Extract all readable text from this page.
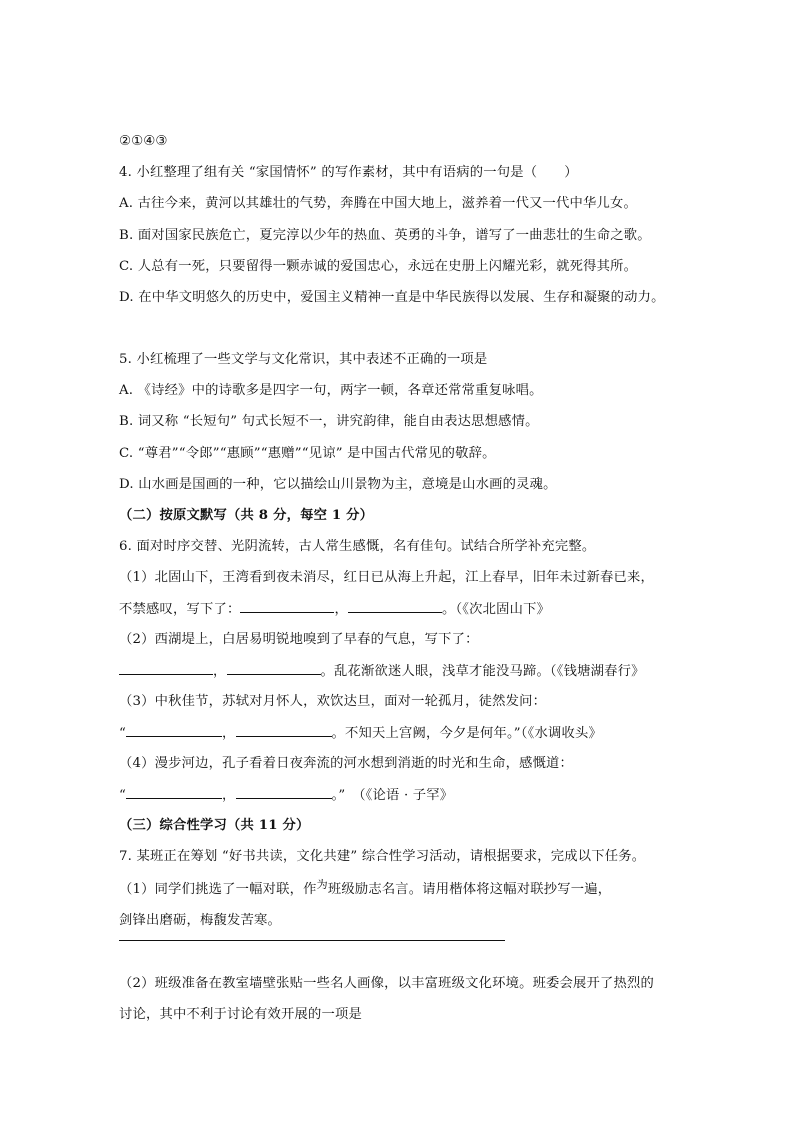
②①④③
4. 小红整理了组有关 “家国情怀” 的写作素材，其中有语病的一句是（　　）
A. 古往今来，黄河以其雄壮的气势，奔腾在中国大地上，滋养着一代又一代中华儿女。
B. 面对国家民族危亡，夏完淳以少年的热血、英勇的斗争，谱写了一曲悲壮的生命之歌。
C. 人总有一死，只要留得一颗赤诚的爱国忠心，永远在史册上闪耀光彩，就死得其所。
D. 在中华文明悠久的历史中，爱国主义精神一直是中华民族得以发展、生存和凝聚的动力。
5. 小红梳理了一些文学与文化常识，其中表述不正确的一项是
A. 《诗经》中的诗歌多是四字一句，两字一顿，各章还常常重复咏唱。
B. 词又称 “长短句” 句式长短不一，讲究韵律，能自由表达思想感情。
C. “尊君”“令郎”“惠顾”“惠赠”“见谅” 是中国古代常见的敬辞。
D. 山水画是国画的一种，它以描绘山川景物为主，意境是山水画的灵魂。
（二）按原文默写（共 8 分，每空 1 分）
6. 面对时序交替、光阴流转，古人常生感慨，名有佳句。试结合所学补充完整。
（1）北固山下，王湾看到夜未消尽，红日已从海上升起，江上春早，旧年未过新春已来，
不禁感叹，写下了：	，	。（《次北固山下》
（2）西湖堤上，白居易明锐地嗅到了早春的气息，写下了：
，	。乱花渐欲迷人眼，浅草才能没马蹄。（《钱塘湖春行》
（3）中秋佳节，苏轼对月怀人，欢饮达旦，面对一轮孤月，徒然发问：
“	，	。不知天上宫阙，今夕是何年。”（《水调收头》
（4）漫步河边，孔子看着日夜奔流的河水想到消逝的时光和生命，感慨道：
“	，	。”　（《论语 · 子罕》
（三）综合性学习（共 11 分）
7. 某班正在筹划 “好书共读，文化共建” 综合性学习活动，请根据要求，完成以下任务。
（1）同学们挑选了一幅对联，作$^为$班级励志名言。请用楷体将这幅对联抄写一遍，
剑锋出磨砺，梅馥发苦寒。
（2）班级准备在教室墙壁张贴一些名人画像，以丰富班级文化环境。班委会展开了热烈的
讨论，其中不利于讨论有效开展的一项是
